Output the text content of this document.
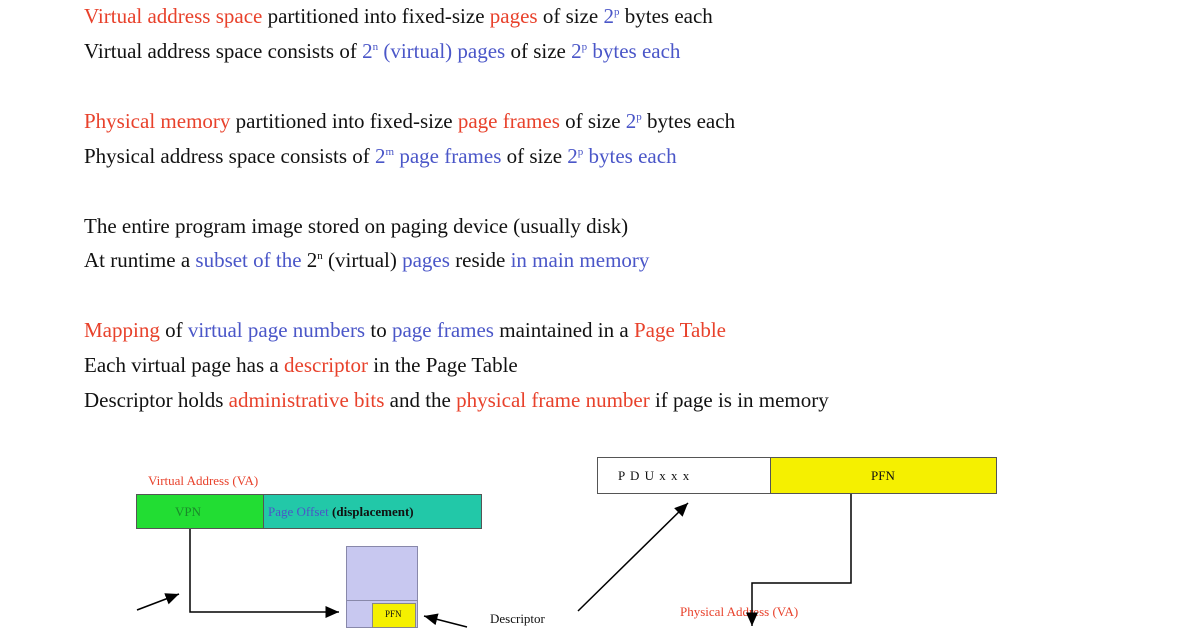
Virtual address space partitioned into fixed-size pages of size 2$^p$ bytes each
Virtual address space consists of 2$^n$ (virtual) pages of size 2$^p$ bytes each
Physical memory partitioned into fixed-size page frames of size 2$^p$ bytes each
Physical address space consists of 2$^m$ page frames of size 2$^p$ bytes each
The entire program image stored on paging device (usually disk)
At runtime a subset of the 2$^n$ (virtual) pages reside in main memory
Mapping of virtual page numbers to page frames maintained in a Page Table
Each virtual page has a descriptor in the Page Table
Descriptor holds administrative bits and the physical frame number if page is in memory
Virtual Address (VA)
VPN	Page Offset (displacement)
PFN
P D U x x x	PFN
Descriptor	Physical Address (VA)
